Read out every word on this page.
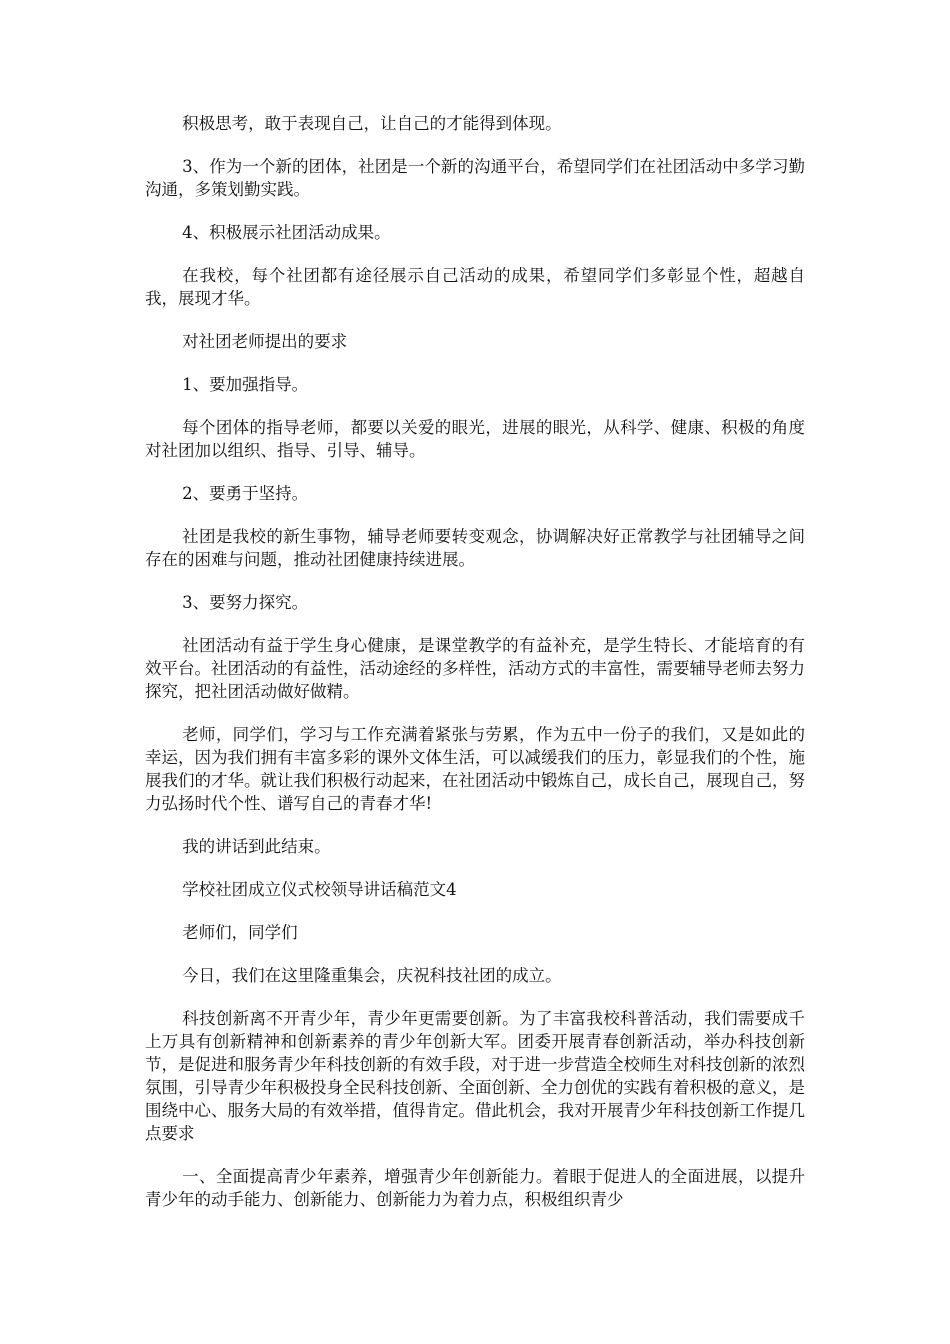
积极思考，敢于表现自己，让自己的才能得到体现。

3、作为一个新的团体，社团是一个新的沟通平台，希望同学们在社团活动中多学习勤沟通，多策划勤实践。

4、积极展示社团活动成果。

在我校，每个社团都有途径展示自己活动的成果，希望同学们多彰显个性，超越自我，展现才华。

对社团老师提出的要求

1、要加强指导。

每个团体的指导老师，都要以关爱的眼光，进展的眼光，从科学、健康、积极的角度对社团加以组织、指导、引导、辅导。

2、要勇于坚持。

社团是我校的新生事物，辅导老师要转变观念，协调解决好正常教学与社团辅导之间存在的困难与问题，推动社团健康持续进展。

3、要努力探究。

社团活动有益于学生身心健康，是课堂教学的有益补充，是学生特长、才能培育的有效平台。社团活动的有益性，活动途经的多样性，活动方式的丰富性，需要辅导老师去努力探究，把社团活动做好做精。

老师，同学们，学习与工作充满着紧张与劳累，作为五中一份子的我们，又是如此的幸运，因为我们拥有丰富多彩的课外文体生活，可以减缓我们的压力，彰显我们的个性，施展我们的才华。就让我们积极行动起来，在社团活动中锻炼自己，成长自己，展现自己，努力弘扬时代个性、谱写自己的青春才华!

我的讲话到此结束。

学校社团成立仪式校领导讲话稿范文4

老师们，同学们

今日，我们在这里隆重集会，庆祝科技社团的成立。

科技创新离不开青少年，青少年更需要创新。为了丰富我校科普活动，我们需要成千上万具有创新精神和创新素养的青少年创新大军。团委开展青春创新活动，举办科技创新节，是促进和服务青少年科技创新的有效手段，对于进一步营造全校师生对科技创新的浓烈氛围，引导青少年积极投身全民科技创新、全面创新、全力创优的实践有着积极的意义，是围绕中心、服务大局的有效举措，值得肯定。借此机会，我对开展青少年科技创新工作提几点要求

一、全面提高青少年素养，增强青少年创新能力。着眼于促进人的全面进展，以提升青少年的动手能力、创新能力、创新能力为着力点，积极组织青少
